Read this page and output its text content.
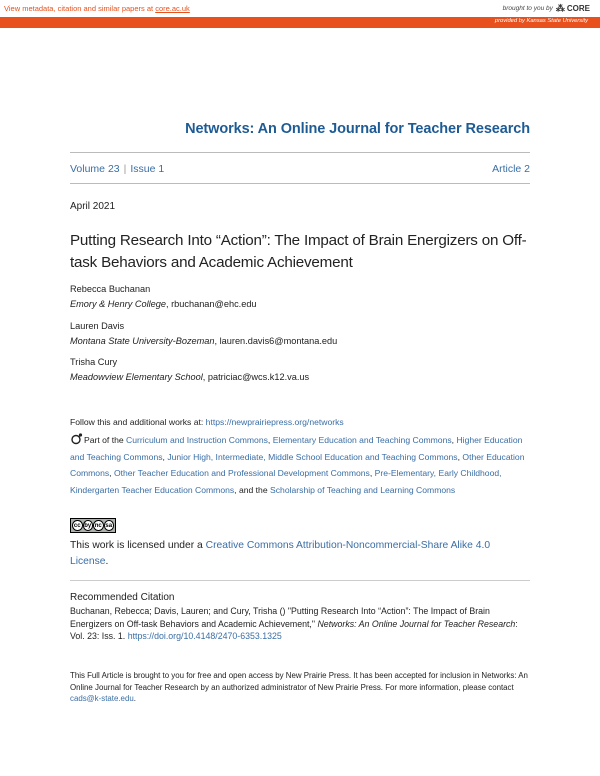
View metadata, citation and similar papers at core.ac.uk	brought to you by ⁂ CORE
provided by Kansas State University
Networks: An Online Journal for Teacher Research
Volume 23 | Issue 1	Article 2
April 2021
Putting Research Into “Action”: The Impact of Brain Energizers on Off-task Behaviors and Academic Achievement
Rebecca Buchanan
Emory & Henry College, rbuchanan@ehc.edu
Lauren Davis
Montana State University-Bozeman, lauren.davis6@montana.edu
Trisha Cury
Meadowview Elementary School, patriciac@wcs.k12.va.us
Follow this and additional works at: https://newprairiepress.org/networks
Part of the Curriculum and Instruction Commons, Elementary Education and Teaching Commons, Higher Education and Teaching Commons, Junior High, Intermediate, Middle School Education and Teaching Commons, Other Education Commons, Other Teacher Education and Professional Development Commons, Pre-Elementary, Early Childhood, Kindergarten Teacher Education Commons, and the Scholarship of Teaching and Learning Commons
cc by nc sa
This work is licensed under a Creative Commons Attribution-Noncommercial-Share Alike 4.0 License.
Recommended Citation
Buchanan, Rebecca; Davis, Lauren; and Cury, Trisha () "Putting Research Into “Action”: The Impact of Brain Energizers on Off-task Behaviors and Academic Achievement," Networks: An Online Journal for Teacher Research: Vol. 23: Iss. 1. https://doi.org/10.4148/2470-6353.1325
This Full Article is brought to you for free and open access by New Prairie Press. It has been accepted for inclusion in Networks: An Online Journal for Teacher Research by an authorized administrator of New Prairie Press. For more information, please contact cads@k-state.edu.
